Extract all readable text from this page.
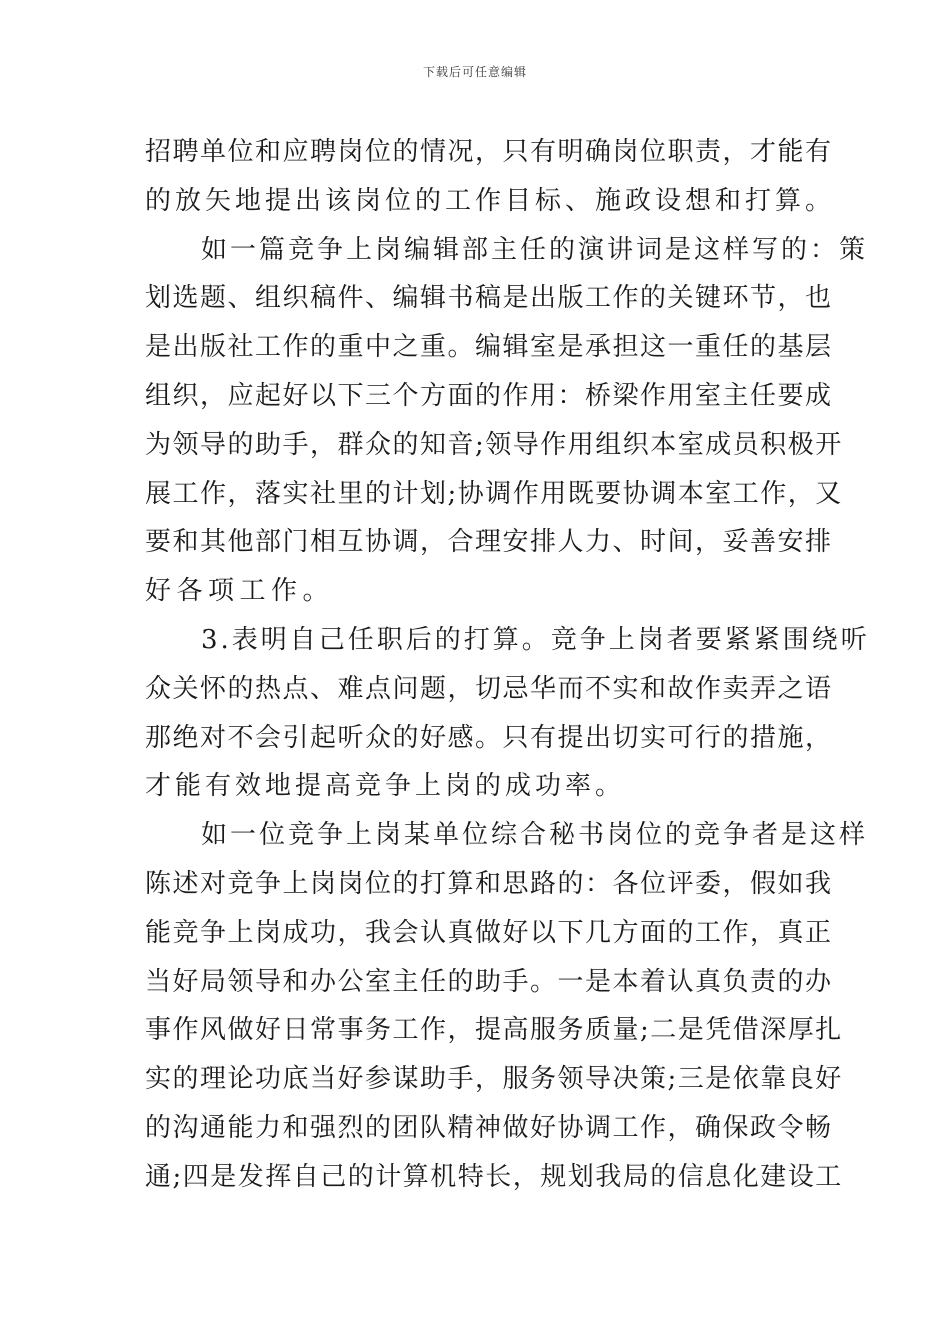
下载后可任意编辑
招聘单位和应聘岗位的情况，只有明确岗位职责，才能有
的放矢地提出该岗位的工作目标、施政设想和打算。
如一篇竞争上岗编辑部主任的演讲词是这样写的：策
划选题、组织稿件、编辑书稿是出版工作的关键环节，也
是出版社工作的重中之重。编辑室是承担这一重任的基层
组织，应起好以下三个方面的作用：桥梁作用室主任要成
为领导的助手，群众的知音;领导作用组织本室成员积极开
展工作，落实社里的计划;协调作用既要协调本室工作，又
要和其他部门相互协调，合理安排人力、时间，妥善安排
好各项工作。
3.表明自己任职后的打算。竞争上岗者要紧紧围绕听
众关怀的热点、难点问题，切忌华而不实和故作卖弄之语
那绝对不会引起听众的好感。只有提出切实可行的措施，
才能有效地提高竞争上岗的成功率。
如一位竞争上岗某单位综合秘书岗位的竞争者是这样
陈述对竞争上岗岗位的打算和思路的：各位评委，假如我
能竞争上岗成功，我会认真做好以下几方面的工作，真正
当好局领导和办公室主任的助手。一是本着认真负责的办
事作风做好日常事务工作，提高服务质量;二是凭借深厚扎
实的理论功底当好参谋助手，服务领导决策;三是依靠良好
的沟通能力和强烈的团队精神做好协调工作，确保政令畅
通;四是发挥自己的计算机特长，规划我局的信息化建设工
